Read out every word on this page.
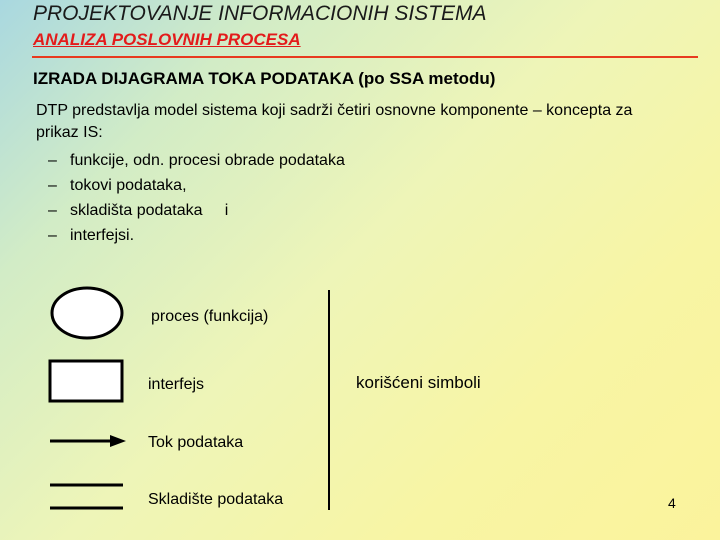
PROJEKTOVANJE INFORMACIONIH SISTEMA
ANALIZA POSLOVNIH PROCESA
IZRADA DIJAGRAMA TOKA PODATAKA (po SSA metodu)
DTP predstavlja model sistema koji sadrži četiri osnovne komponente – koncepta za prikaz IS:
– funkcije, odn. procesi obrade podataka
– tokovi podataka,
– skladišta podataka     i
– interfejsi.
proces (funkcija)
interfejs
Tok podataka
Skladište podataka
korišćeni simboli
4
